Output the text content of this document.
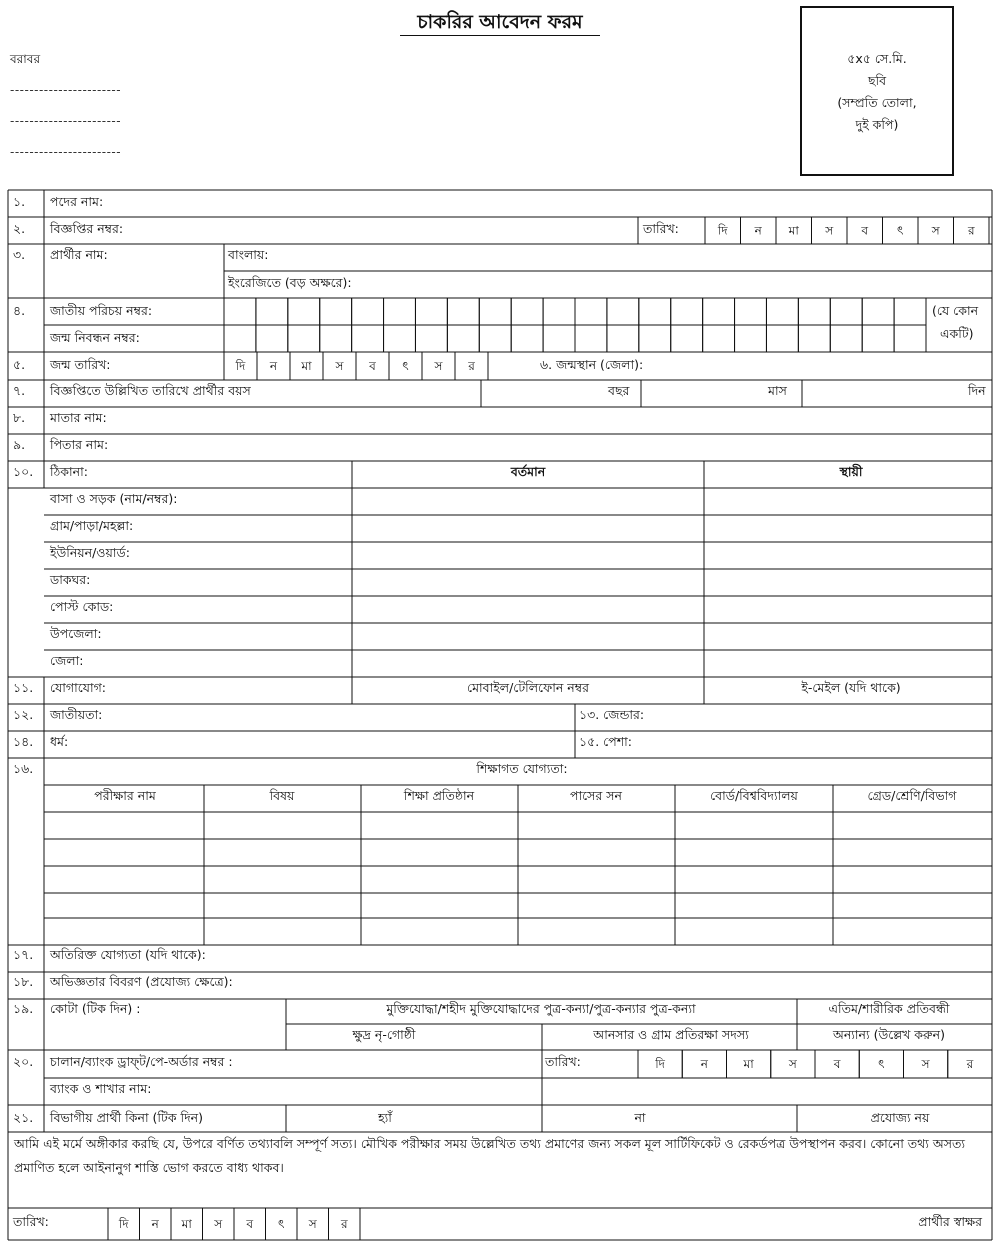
চাকরির আবেদন ফরম
বরাবর
-----------------------
-----------------------
-----------------------
৫x৫ সে.মি.
ছবি
(সম্প্রতি তোলা,
দুই কপি)
১. পদের নাম:
২. বিজ্ঞপ্তির নম্বর:	তারিখ:	দি ন মা স ব ৎ স র
৩. প্রার্থীর নাম:	বাংলায়:
ইংরেজিতে (বড় অক্ষরে):
৪. জাতীয় পরিচয় নম্বর:
জন্ম নিবন্ধন নম্বর:
(যে কোন
একটি)
৫. জন্ম তারিখ:	দি ন মা স ব ৎ স র	৬. জন্মস্থান (জেলা):
৭. বিজ্ঞপ্তিতে উল্লিখিত তারিখে প্রার্থীর বয়স	বছর	মাস	দিন
৮. মাতার নাম:
৯. পিতার নাম:
১০. ঠিকানা:	বর্তমান	স্থায়ী
বাসা ও সড়ক (নাম/নম্বর):
গ্রাম/পাড়া/মহল্লা:
ইউনিয়ন/ওয়ার্ড:
ডাকঘর:
পোস্ট কোড:
উপজেলা:
জেলা:
১১. যোগাযোগ:	মোবাইল/টেলিফোন নম্বর	ই-মেইল (যদি থাকে)
১২. জাতীয়তা:	১৩. জেন্ডার:
১৪. ধর্ম:	১৫. পেশা:
১৬.	শিক্ষাগত যোগ্যতা:
পরীক্ষার নাম	বিষয়	শিক্ষা প্রতিষ্ঠান	পাসের সন	বোর্ড/বিশ্ববিদ্যালয়	গ্রেড/শ্রেণি/বিভাগ
১৭. অতিরিক্ত যোগ্যতা (যদি থাকে):
১৮. অভিজ্ঞতার বিবরণ (প্রযোজ্য ক্ষেত্রে):
১৯. কোটা (টিক দিন) :	মুক্তিযোদ্ধা/শহীদ মুক্তিযোদ্ধাদের পুত্র-কন্যা/পুত্র-কন্যার পুত্র-কন্যা	এতিম/শারীরিক প্রতিবন্ধী
ক্ষুদ্র নৃ-গোষ্ঠী	আনসার ও গ্রাম প্রতিরক্ষা সদস্য	অন্যান্য (উল্লেখ করুন)
২০. চালান/ব্যাংক ড্রাফ্‌ট/পে-অর্ডার নম্বর :	তারিখ:	দি	ন	মা	স	ব	ৎ	স	র
ব্যাংক ও শাখার নাম:
২১. বিভাগীয় প্রার্থী কিনা (টিক দিন)	হ্যাঁ	না	প্রযোজ্য নয়
তারিখ:	দি ন মা স ব ৎ স র	প্রার্থীর স্বাক্ষর
আমি এই মর্মে অঙ্গীকার করছি যে, উপরে বর্ণিত তথ্যাবলি সম্পূর্ণ সত্য। মৌখিক পরীক্ষার সময় উল্লেখিত তথ্য প্রমাণের জন্য সকল মূল সার্টিফিকেট ও রেকর্ডপত্র উপস্থাপন করব। কোনো তথ্য অসত্য প্রমাণিত হলে আইনানুগ শাস্তি ভোগ করতে বাধ্য থাকব।
